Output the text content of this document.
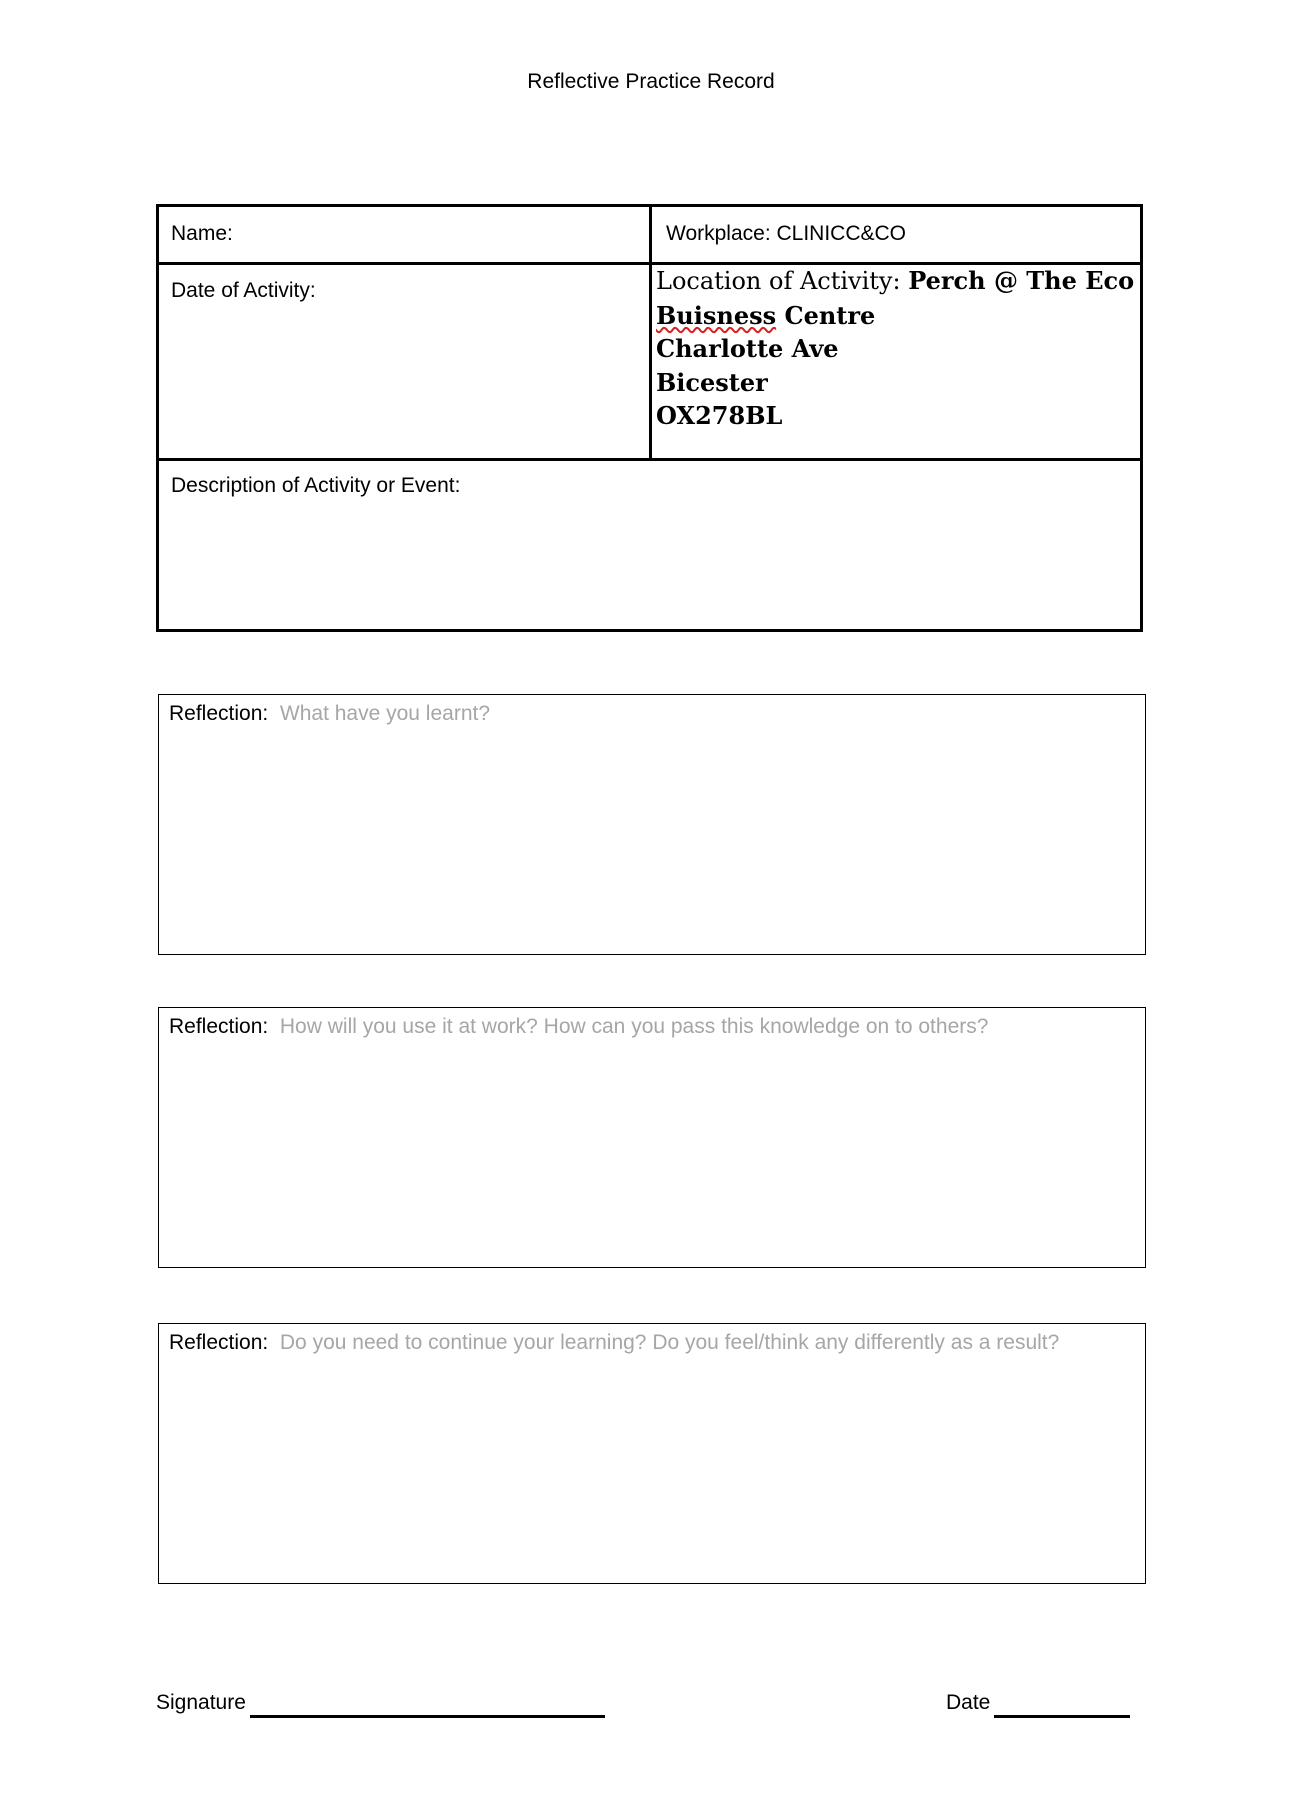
Reflective Practice Record
Name:	Workplace: CLINICC&CO
Date of Activity:	Location of Activity: Perch @ The Eco
Buisness Centre
Charlotte Ave
Bicester
OX278BL
Description of Activity or Event:
Reflection: What have you learnt?
Reflection: How will you use it at work? How can you pass this knowledge on to others?
Reflection: Do you need to continue your learning? Do you feel/think any differently as a result?
Signature	Date
